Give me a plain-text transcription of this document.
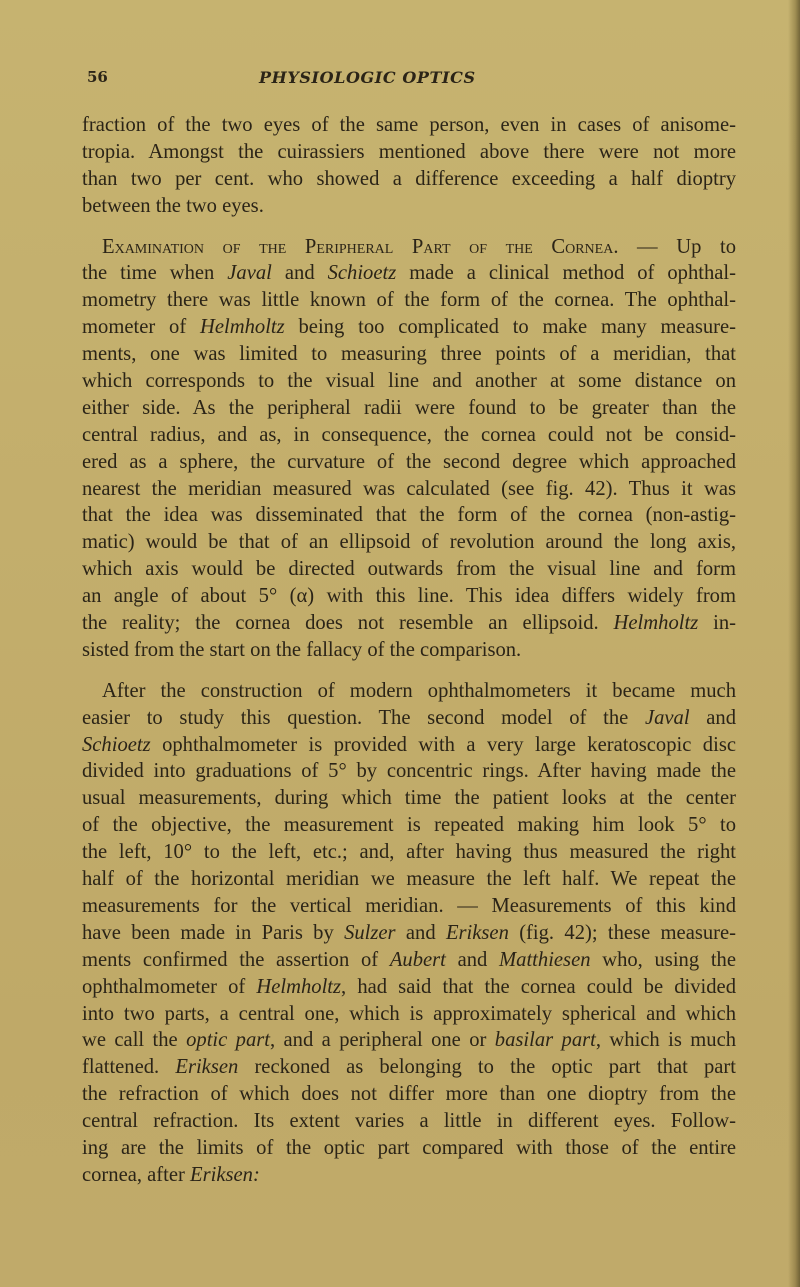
56	PHYSIOLOGIC OPTICS
fraction of the two eyes of the same person, even in cases of anisome-
tropia. Amongst the cuirassiers mentioned above there were not more
than two per cent. who showed a difference exceeding a half dioptry
between the two eyes.
Examination of the Peripheral Part of the Cornea. — Up to
the time when Javal and Schioetz made a clinical method of ophthal-
mometry there was little known of the form of the cornea. The ophthal-
mometer of Helmholtz being too complicated to make many measure-
ments, one was limited to measuring three points of a meridian, that
which corresponds to the visual line and another at some distance on
either side. As the peripheral radii were found to be greater than the
central radius, and as, in consequence, the cornea could not be consid-
ered as a sphere, the curvature of the second degree which approached
nearest the meridian measured was calculated (see fig. 42). Thus it was
that the idea was disseminated that the form of the cornea (non-astig-
matic) would be that of an ellipsoid of revolution around the long axis,
which axis would be directed outwards from the visual line and form
an angle of about 5° (α) with this line. This idea differs widely from
the reality; the cornea does not resemble an ellipsoid. Helmholtz in-
sisted from the start on the fallacy of the comparison.
After the construction of modern ophthalmometers it became much
easier to study this question. The second model of the Javal and
Schioetz ophthalmometer is provided with a very large keratoscopic disc
divided into graduations of 5° by concentric rings. After having made the
usual measurements, during which time the patient looks at the center
of the objective, the measurement is repeated making him look 5° to
the left, 10° to the left, etc.; and, after having thus measured the right
half of the horizontal meridian we measure the left half. We repeat the
measurements for the vertical meridian. — Measurements of this kind
have been made in Paris by Sulzer and Eriksen (fig. 42); these measure-
ments confirmed the assertion of Aubert and Matthiesen who, using the
ophthalmometer of Helmholtz, had said that the cornea could be divided
into two parts, a central one, which is approximately spherical and which
we call the optic part, and a peripheral one or basilar part, which is much
flattened. Eriksen reckoned as belonging to the optic part that part
the refraction of which does not differ more than one dioptry from the
central refraction. Its extent varies a little in different eyes. Follow-
ing are the limits of the optic part compared with those of the entire
cornea, after Eriksen:
